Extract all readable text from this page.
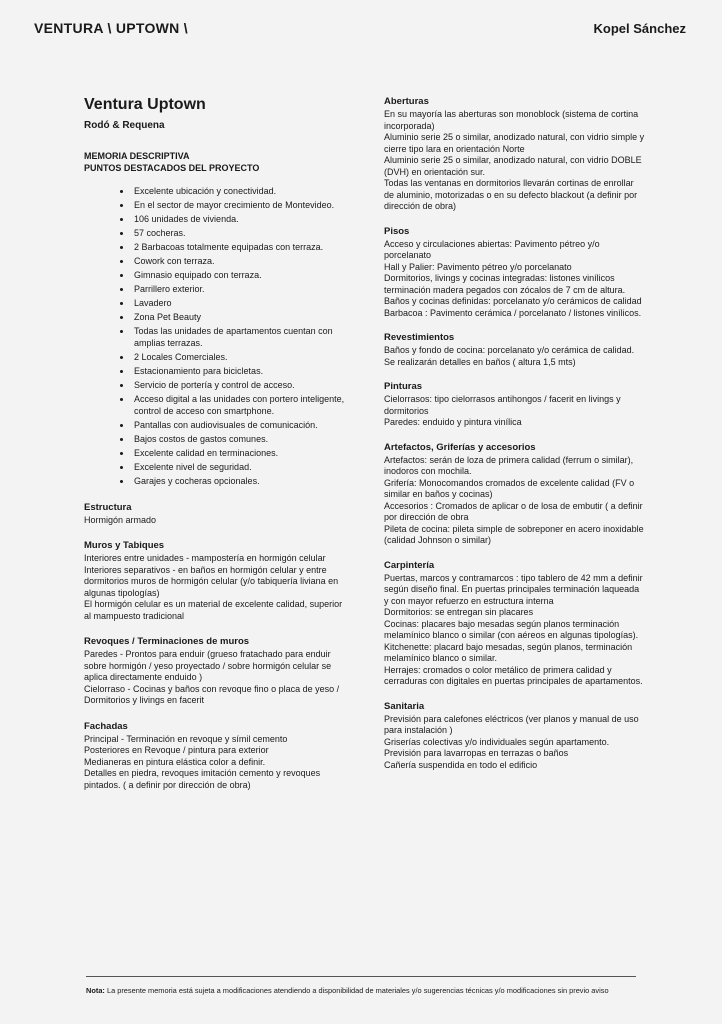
VENTURA \ UPTOWN \	Kopel Sánchez
Ventura Uptown
Rodó & Requena
MEMORIA DESCRIPTIVA
PUNTOS DESTACADOS DEL PROYECTO
• Excelente ubicación y conectividad.
• En el sector de mayor crecimiento de Montevideo.
• 106 unidades de vivienda.
• 57 cocheras.
• 2 Barbacoas totalmente equipadas con terraza.
• Cowork con terraza.
• Gimnasio equipado con terraza.
• Parrillero exterior.
• Lavadero
• Zona Pet Beauty
• Todas las unidades de apartamentos cuentan con amplias terrazas.
• 2 Locales Comerciales.
• Estacionamiento para bicicletas.
• Servicio de portería y control de acceso.
• Acceso digital a las unidades con portero inteligente, control de acceso con smartphone.
• Pantallas con audiovisuales de comunicación.
• Bajos costos de gastos comunes.
• Excelente calidad en terminaciones.
• Excelente nivel de seguridad.
• Garajes y cocheras opcionales.
Estructura
Hormigón armado
Muros y Tabiques
Interiores entre unidades - mampostería en hormigón celular
Interiores separativos - en baños en hormigón celular y entre dormitorios muros de hormigón celular (y/o tabiquería liviana en algunas tipologías)
El hormigón celular es un material de excelente calidad, superior al mampuesto tradicional
Revoques / Terminaciones de muros
Paredes - Prontos para enduir (grueso fratachado para enduir sobre hormigón / yeso proyectado / sobre hormigón celular se aplica directamente enduido )
Cielorraso - Cocinas y baños con revoque fino o placa de yeso / Dormitorios y livings en facerit
Fachadas
Principal - Terminación en revoque y símil cemento
Posteriores en Revoque / pintura para exterior
Medianeras en pintura elástica color a definir.
Detalles en piedra, revoques imitación cemento y revoques pintados. ( a definir por dirección de obra)
Aberturas
En su mayoría las aberturas son monoblock (sistema de cortina incorporada)
Aluminio serie 25 o similar, anodizado natural, con vidrio simple y cierre tipo lara en orientación Norte
Aluminio serie 25 o similar, anodizado natural, con vidrio DOBLE (DVH) en orientación sur.
Todas las ventanas en dormitorios llevarán cortinas de enrollar de aluminio, motorizadas o en su defecto blackout (a definir por dirección de obra)
Pisos
Acceso y circulaciones abiertas: Pavimento pétreo y/o porcelanato
Hall y Palier: Pavimento pétreo y/o porcelanato
Dormitorios, livings y cocinas integradas: listones vinílicos terminación madera pegados con zócalos de 7 cm de altura.
Baños y cocinas definidas: porcelanato y/o cerámicos de calidad
Barbacoa : Pavimento cerámica / porcelanato / listones vinílicos.
Revestimientos
Baños y fondo de cocina: porcelanato y/o cerámica de calidad. Se realizarán detalles en baños ( altura 1,5 mts)
Pinturas
Cielorrasos: tipo cielorrasos antihongos / facerit en livings y dormitorios
Paredes: enduido y pintura vinílica
Artefactos, Griferías y accesorios
Artefactos: serán de loza de primera calidad (ferrum o similar), inodoros con mochila.
Grifería: Monocomandos cromados de excelente calidad (FV o similar en baños y cocinas)
Accesorios : Cromados de aplicar o de losa de embutir ( a definir por dirección de obra
Pileta de cocina: pileta simple de sobreponer en acero inoxidable (calidad Johnson o similar)
Carpintería
Puertas, marcos y contramarcos : tipo tablero de 42 mm a definir según diseño final. En puertas principales terminación laqueada y con mayor refuerzo en estructura interna
Dormitorios: se entregan sin placares
Cocinas: placares bajo mesadas según planos terminación melamínico blanco o similar (con aéreos en algunas tipologías).
Kitchenette: placard bajo mesadas, según planos, terminación melamínico blanco o similar.
Herrajes: cromados o color metálico de primera calidad y cerraduras con digitales en puertas principales de apartamentos.
Sanitaria
Previsión para calefones eléctricos (ver planos y manual de uso para instalación )
Griserías colectivas y/o individuales según apartamento.
Previsión para lavarropas en terrazas o baños
Cañería suspendida en todo el edificio
Nota: La presente memoria está sujeta a modificaciones atendiendo a disponibilidad de materiales y/o sugerencias técnicas y/o modificaciones sin previo aviso
